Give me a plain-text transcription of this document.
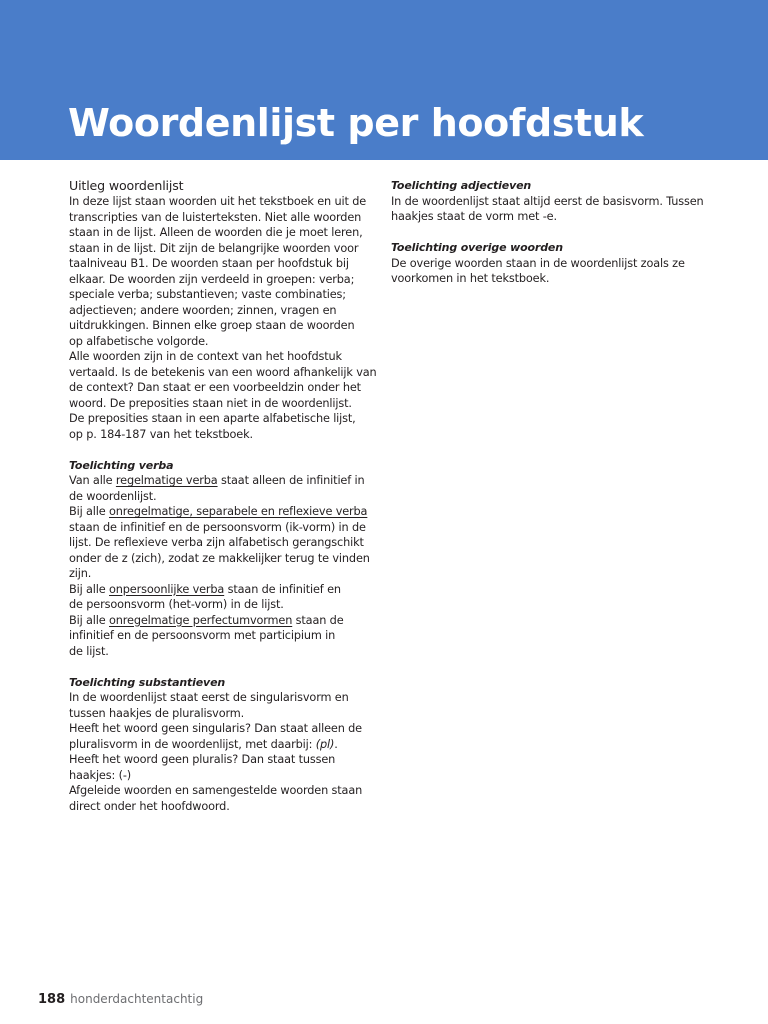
Woordenlijst per hoofdstuk
Uitleg woordenlijst

In deze lijst staan woorden uit het tekstboek en uit de

transcripties van de luisterteksten. Niet alle woorden

staan in de lijst. Alleen de woorden die je moet leren,

staan in de lijst. Dit zijn de belangrijke woorden voor

taalniveau B1. De woorden staan per hoofdstuk bij

elkaar. De woorden zijn verdeeld in groepen: verba;

speciale verba; substantieven; vaste combinaties;

adjectieven; andere woorden; zinnen, vragen en

uitdrukkingen. Binnen elke groep staan de woorden

op alfabetische volgorde.

Alle woorden zijn in de context van het hoofdstuk

vertaald. Is de betekenis van een woord afhankelijk van

de context? Dan staat er een voorbeeldzin onder het

woord. De preposities staan niet in de woordenlijst.

De preposities staan in een aparte alfabetische lijst,

op p. 184-187 van het tekstboek.

Toelichting verba

Van alle regelmatige verba staat alleen de infinitief in

de woordenlijst.

Bij alle onregelmatige, separabele en reflexieve verba

staan de infinitief en de persoonsvorm (ik-vorm) in de

lijst. De reflexieve verba zijn alfabetisch gerangschikt

onder de z (zich), zodat ze makkelijker terug te vinden

zijn.

Bij alle onpersoonlijke verba staan de infinitief en

de persoonsvorm (het-vorm) in de lijst.

Bij alle onregelmatige perfectumvormen staan de

infinitief en de persoonsvorm met participium in

de lijst.

Toelichting substantieven

In de woordenlijst staat eerst de singularisvorm en

tussen haakjes de pluralisvorm.

Heeft het woord geen singularis? Dan staat alleen de

pluralisvorm in de woordenlijst, met daarbij: (pl).

Heeft het woord geen pluralis? Dan staat tussen

haakjes: (-)

Afgeleide woorden en samengestelde woorden staan

direct onder het hoofdwoord.

Toelichting adjectieven

In de woordenlijst staat altijd eerst de basisvorm. Tussen

haakjes staat de vorm met -e.

Toelichting overige woorden

De overige woorden staan in de woordenlijst zoals ze

voorkomen in het tekstboek.

188 honderdachtentachtig
